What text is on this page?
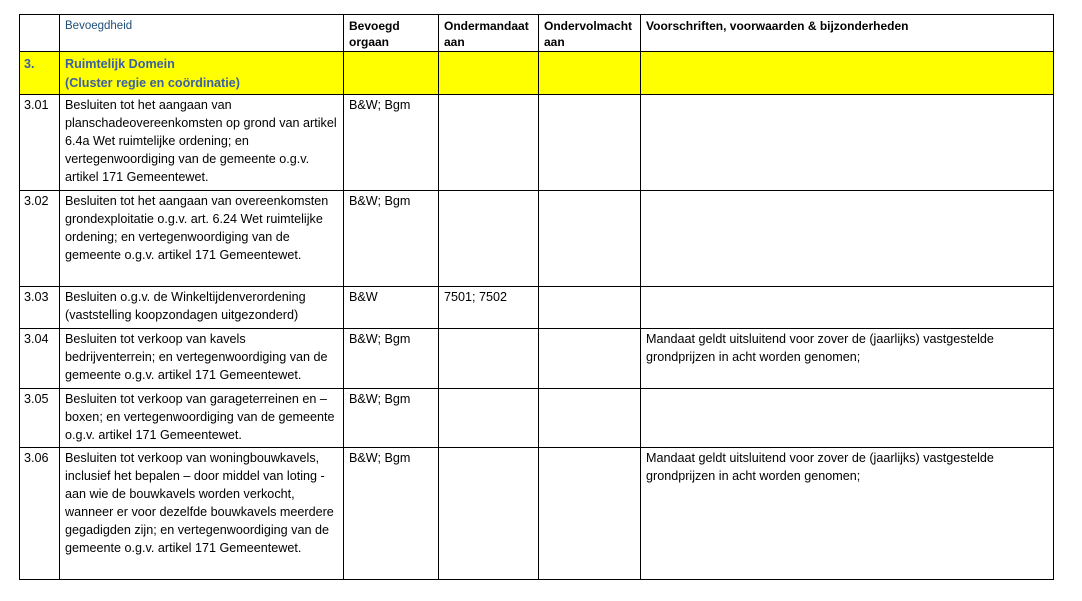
	Bevoegdheid	Bevoegd orgaan	Ondermandaat aan	Ondervolmacht aan	Voorschriften, voorwaarden & bijzonderheden
3.	Ruimtelijk Domein
(Cluster regie en coördinatie)				

3.01	Besluiten tot het aangaan van planschadeovereenkomsten op grond van artikel 6.4a Wet ruimtelijke ordening; en vertegenwoordiging van de gemeente o.g.v. artikel 171 Gemeentewet.	B&W; Bgm			
3.02	Besluiten tot het aangaan van overeenkomsten grondexploitatie o.g.v. art. 6.24 Wet ruimtelijke ordening; en vertegenwoordiging van de gemeente o.g.v. artikel 171 Gemeentewet.	B&W; Bgm			
3.03	Besluiten o.g.v. de Winkeltijdenverordening (vaststelling koopzondagen uitgezonderd)	B&W	7501; 7502		
3.04	Besluiten tot verkoop van kavels bedrijventerrein; en vertegenwoordiging van de gemeente o.g.v. artikel 171 Gemeentewet.	B&W; Bgm			Mandaat geldt uitsluitend voor zover de (jaarlijks) vastgestelde grondprijzen in acht worden genomen;
3.05	Besluiten tot verkoop van garageterreinen en –boxen; en vertegenwoordiging van de gemeente o.g.v. artikel 171 Gemeentewet.	B&W; Bgm			
3.06	Besluiten tot verkoop van woningbouwkavels, inclusief het bepalen – door middel van loting - aan wie de bouwkavels worden verkocht, wanneer er voor dezelfde bouwkavels meerdere gegadigden zijn; en vertegenwoordiging van de gemeente o.g.v. artikel 171 Gemeentewet.	B&W; Bgm			Mandaat geldt uitsluitend voor zover de (jaarlijks) vastgestelde grondprijzen in acht worden genomen;
